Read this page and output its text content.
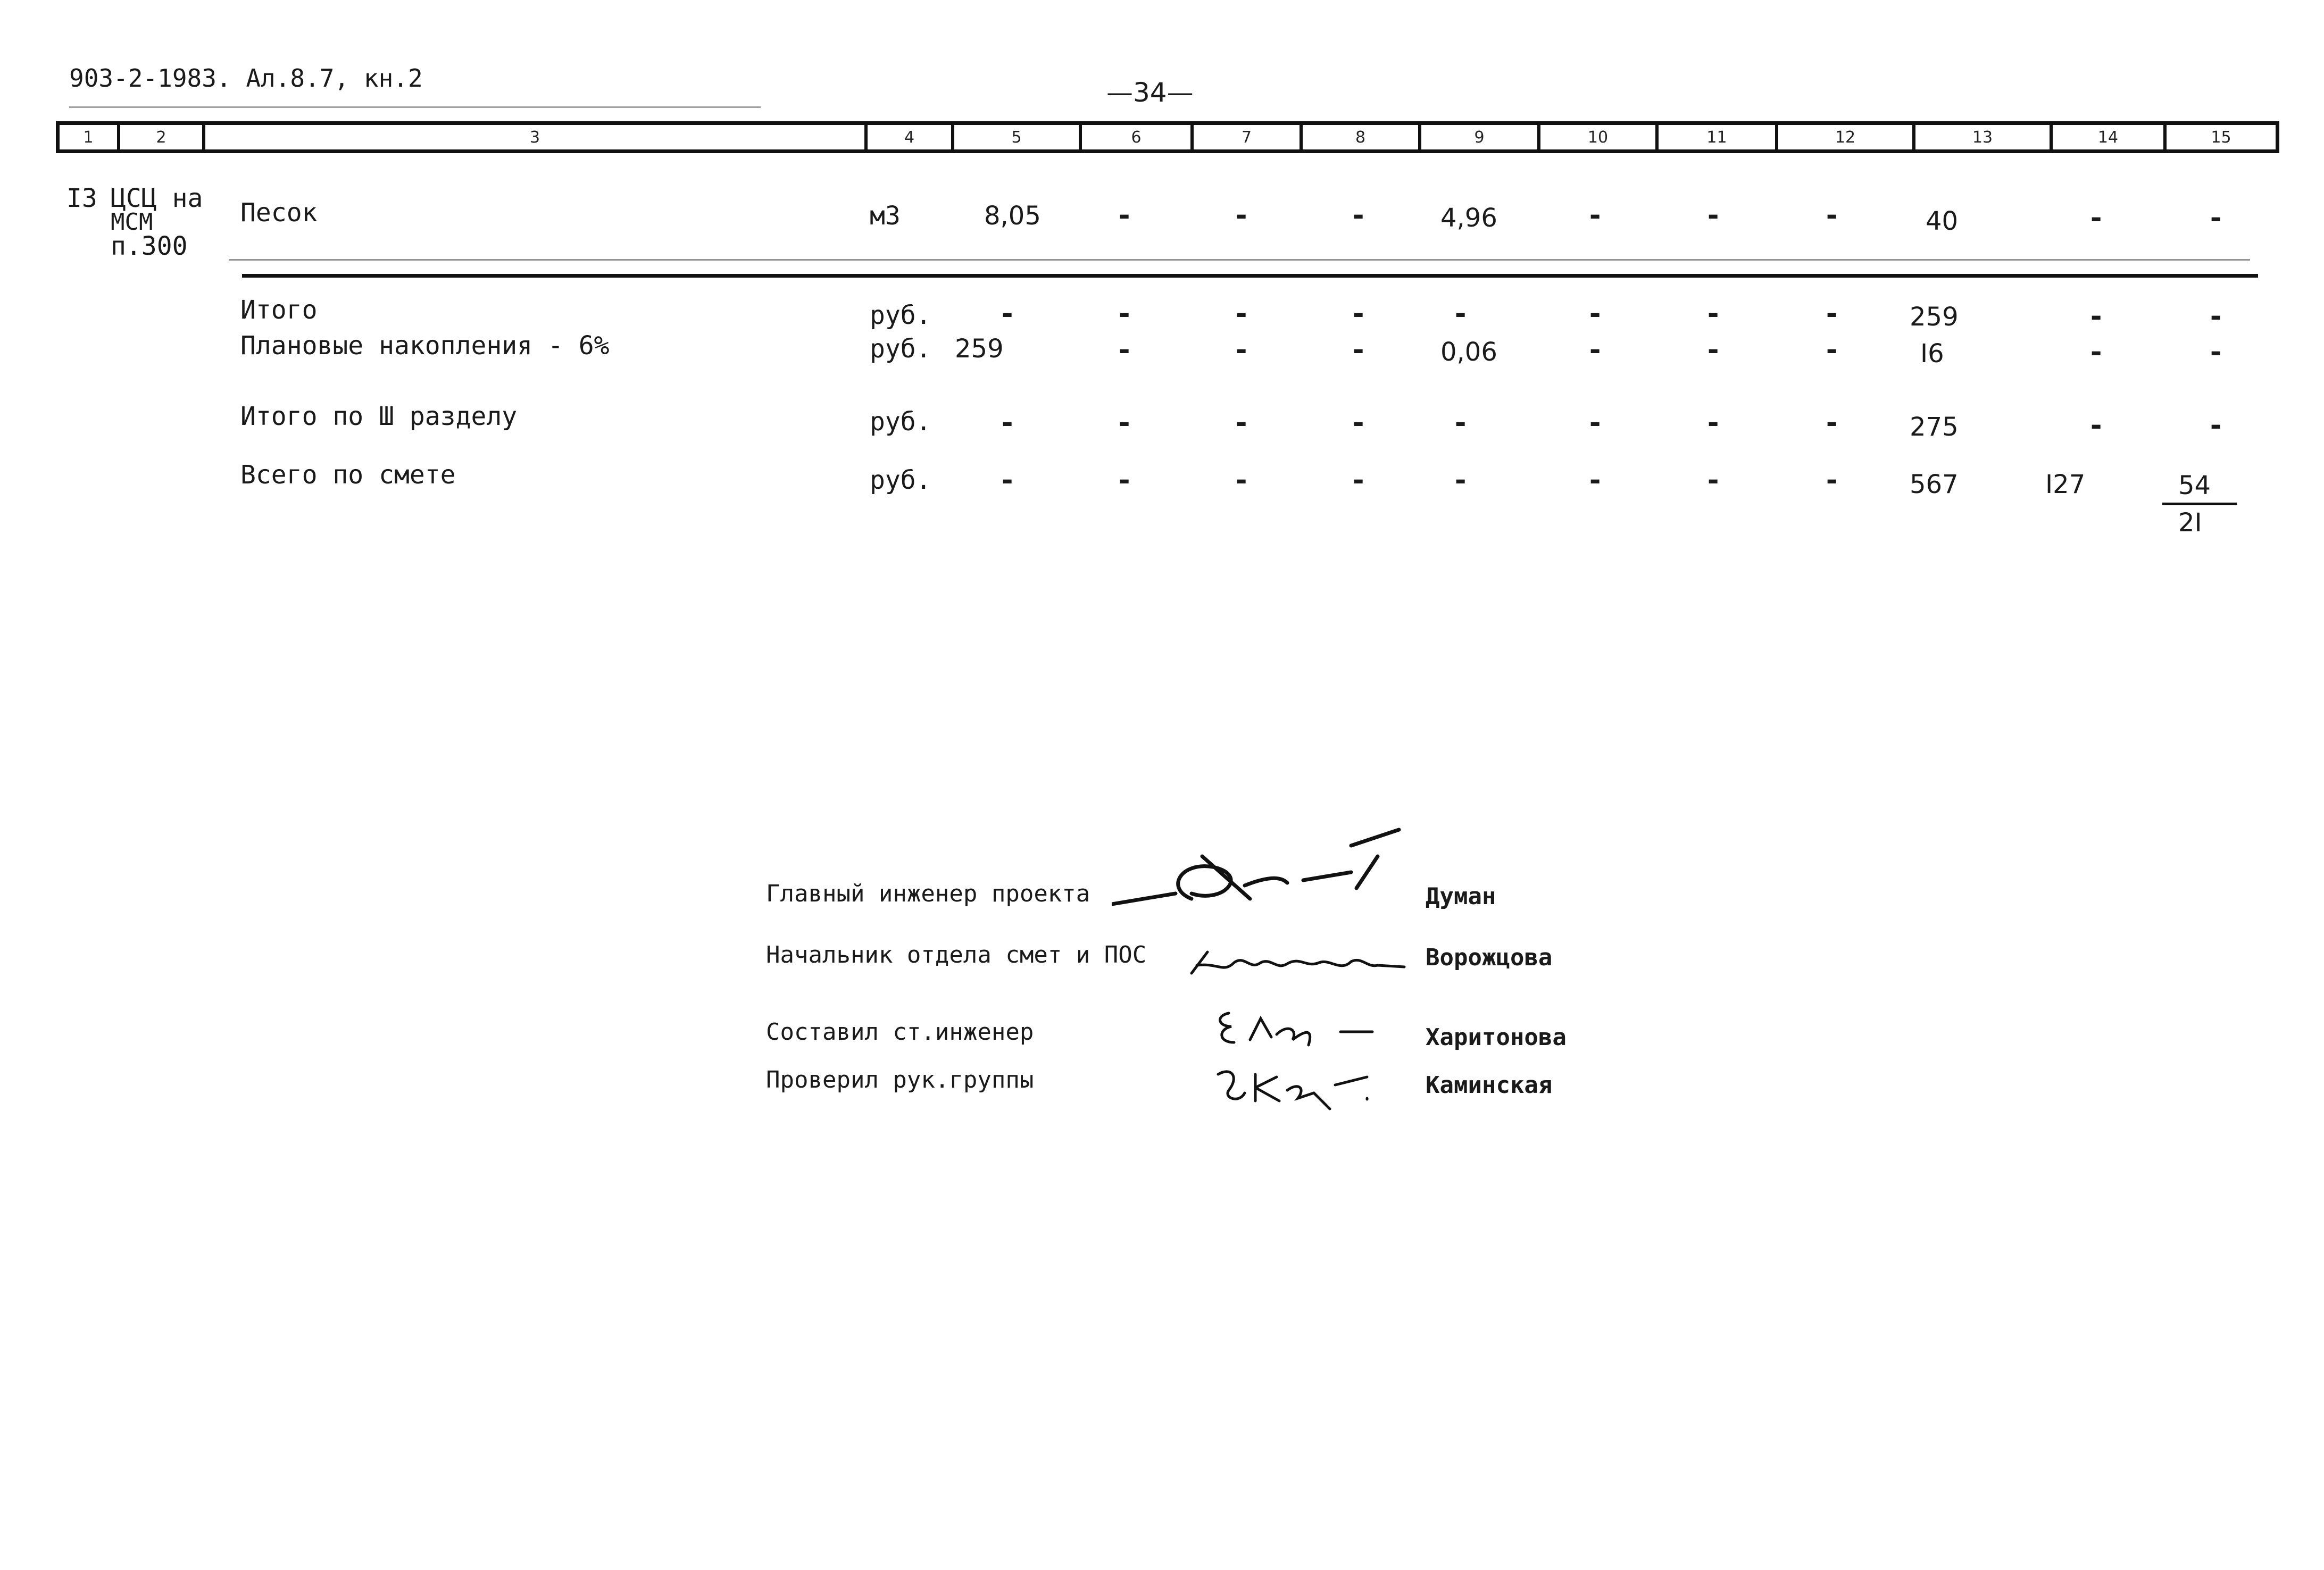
903-2-1983. Ал.8.7, кн.2	—34—
1	2	3	4	5	6	7	8	9	10	11	12	13	14	15
I3 ЦСЦ на
МСМ
п.300
Песок	м3	8,05	-	-	-	4,96	-	-	-	40	-	-
Итого	руб. -	-	-	-	-	-	-	-	259	-	-
Плановые накопления - 6%	руб. 259	-	-	-	0,06	-	-	-	I6	-	-
Итого по Ш разделу	руб. -	-	-	-	-	-	-	-	275	-	-
Всего по смете	руб. -	-	-	-	-	-	-	-	567	I27	54
2I
Главный инженер проекта	Думан
Начальник отдела смет и ПОС	Ворожцова
Составил ст.инженер	Харитонова
Проверил рук.группы	Каминская
